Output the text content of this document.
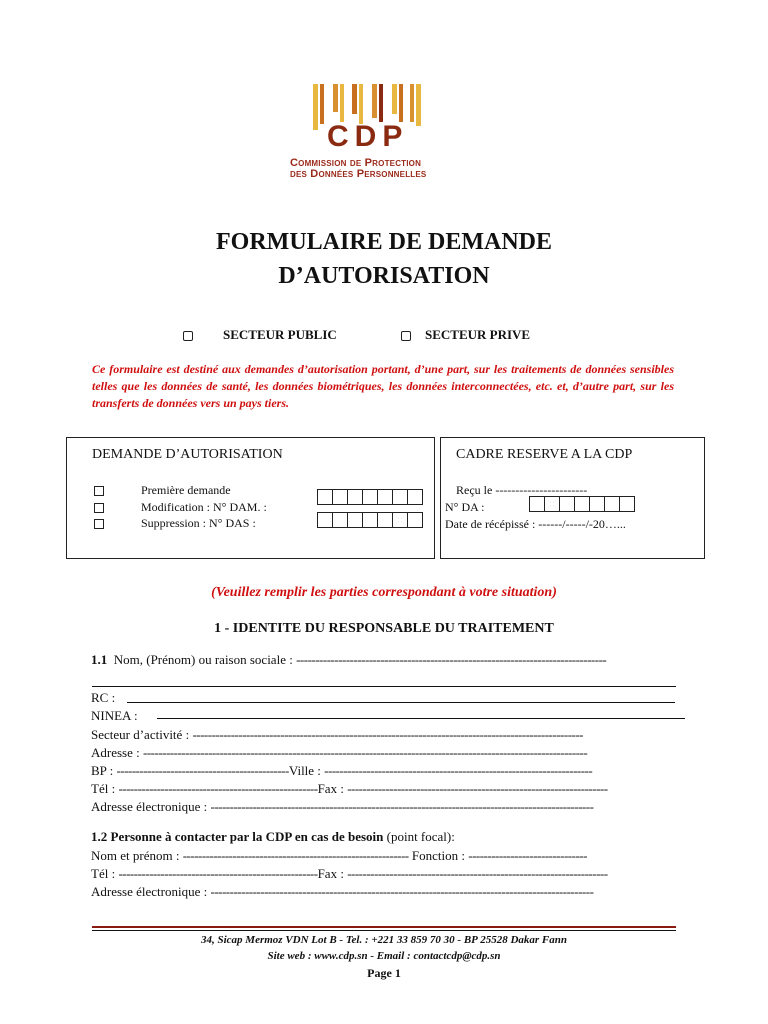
CDP
Commission de Protection
des Données Personnelles
FORMULAIRE DE DEMANDE
D’AUTORISATION
SECTEUR PUBLIC	SECTEUR PRIVE
Ce formulaire est destiné aux demandes d’autorisation portant, d’une part, sur les traitements de données sensibles telles que les données de santé, les données biométriques, les données interconnectées, etc. et, d’autre part, sur les transferts de données vers un pays tiers.
DEMANDE D’AUTORISATION
Première demande
Modification : N° DAM. :
Suppression : N° DAS :
CADRE RESERVE A LA CDP
Reçu le -----------------------
N° DA :
Date de récépissé : ------/-----/-20…...
(Veuillez remplir les parties correspondant à votre situation)
1 - IDENTITE DU RESPONSABLE DU TRAITEMENT
1.1 Nom, (Prénom) ou raison sociale : ---------------------------------------------------------------------------------
RC :
NINEA :
Secteur d’activité : ------------------------------------------------------------------------------------------------------
Adresse : --------------------------------------------------------------------------------------------------------------------
BP : ---------------------------------------------Ville : ----------------------------------------------------------------------
Tél : ----------------------------------------------------Fax : --------------------------------------------------------------------
Adresse électronique : ----------------------------------------------------------------------------------------------------
1.2 Personne à contacter par la CDP en cas de besoin (point focal):
Nom et prénom : ----------------------------------------------------------- Fonction : -------------------------------
Tél : ----------------------------------------------------Fax : --------------------------------------------------------------------
Adresse électronique : ----------------------------------------------------------------------------------------------------
34, Sicap Mermoz VDN Lot B - Tel. : +221 33 859 70 30 - BP 25528 Dakar Fann
Site web : www.cdp.sn - Email : contactcdp@cdp.sn
Page 1
